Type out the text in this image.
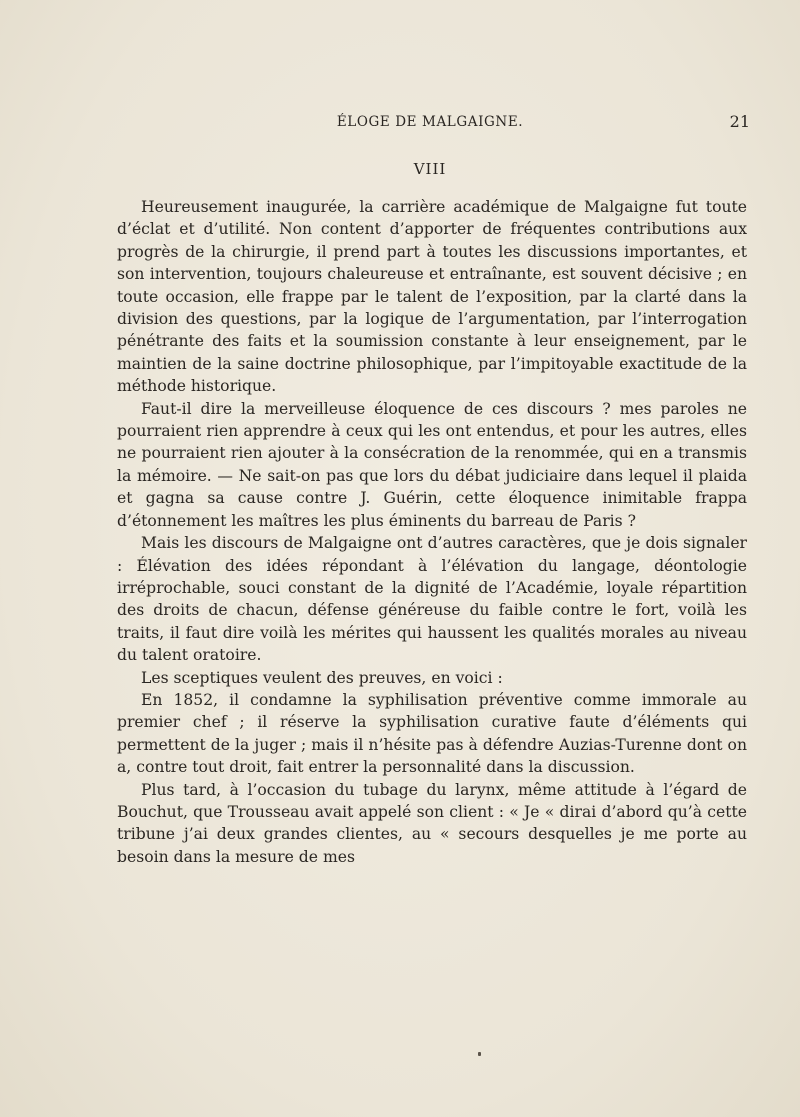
ÉLOGE DE MALGAIGNE.	21
VIII

Heureusement inaugurée, la carrière académique de Malgaigne fut toute d’éclat et d’utilité. Non content d’apporter de fréquentes contributions aux progrès de la chirurgie, il prend part à toutes les discussions importantes, et son intervention, toujours chaleureuse et entraînante, est souvent décisive ; en toute occasion, elle frappe par le talent de l’exposition, par la clarté dans la division des questions, par la logique de l’argumentation, par l’interrogation pénétrante des faits et la soumission constante à leur enseignement, par le maintien de la saine doctrine philosophique, par l’impitoyable exactitude de la méthode historique.

Faut-il dire la merveilleuse éloquence de ces discours ? mes paroles ne pourraient rien apprendre à ceux qui les ont entendus, et pour les autres, elles ne pourraient rien ajouter à la consécration de la renommée, qui en a transmis la mémoire. — Ne sait-on pas que lors du débat judiciaire dans lequel il plaida et gagna sa cause contre J. Guérin, cette éloquence inimitable frappa d’étonnement les maîtres les plus éminents du barreau de Paris ?

Mais les discours de Malgaigne ont d’autres caractères, que je dois signaler : Élévation des idées répondant à l’élévation du langage, déontologie irréprochable, souci constant de la dignité de l’Académie, loyale répartition des droits de chacun, défense généreuse du faible contre le fort, voilà les traits, il faut dire voilà les mérites qui haussent les qualités morales au niveau du talent oratoire.

Les sceptiques veulent des preuves, en voici :

En 1852, il condamne la syphilisation préventive comme immorale au premier chef ; il réserve la syphilisation curative faute d’éléments qui permettent de la juger ; mais il n’hésite pas à défendre Auzias-Turenne dont on a, contre tout droit, fait entrer la personnalité dans la discussion.

Plus tard, à l’occasion du tubage du larynx, même attitude à l’égard de Bouchut, que Trousseau avait appelé son client : « Je « dirai d’abord qu’à cette tribune j’ai deux grandes clientes, au « secours desquelles je me porte au besoin dans la mesure de mes
